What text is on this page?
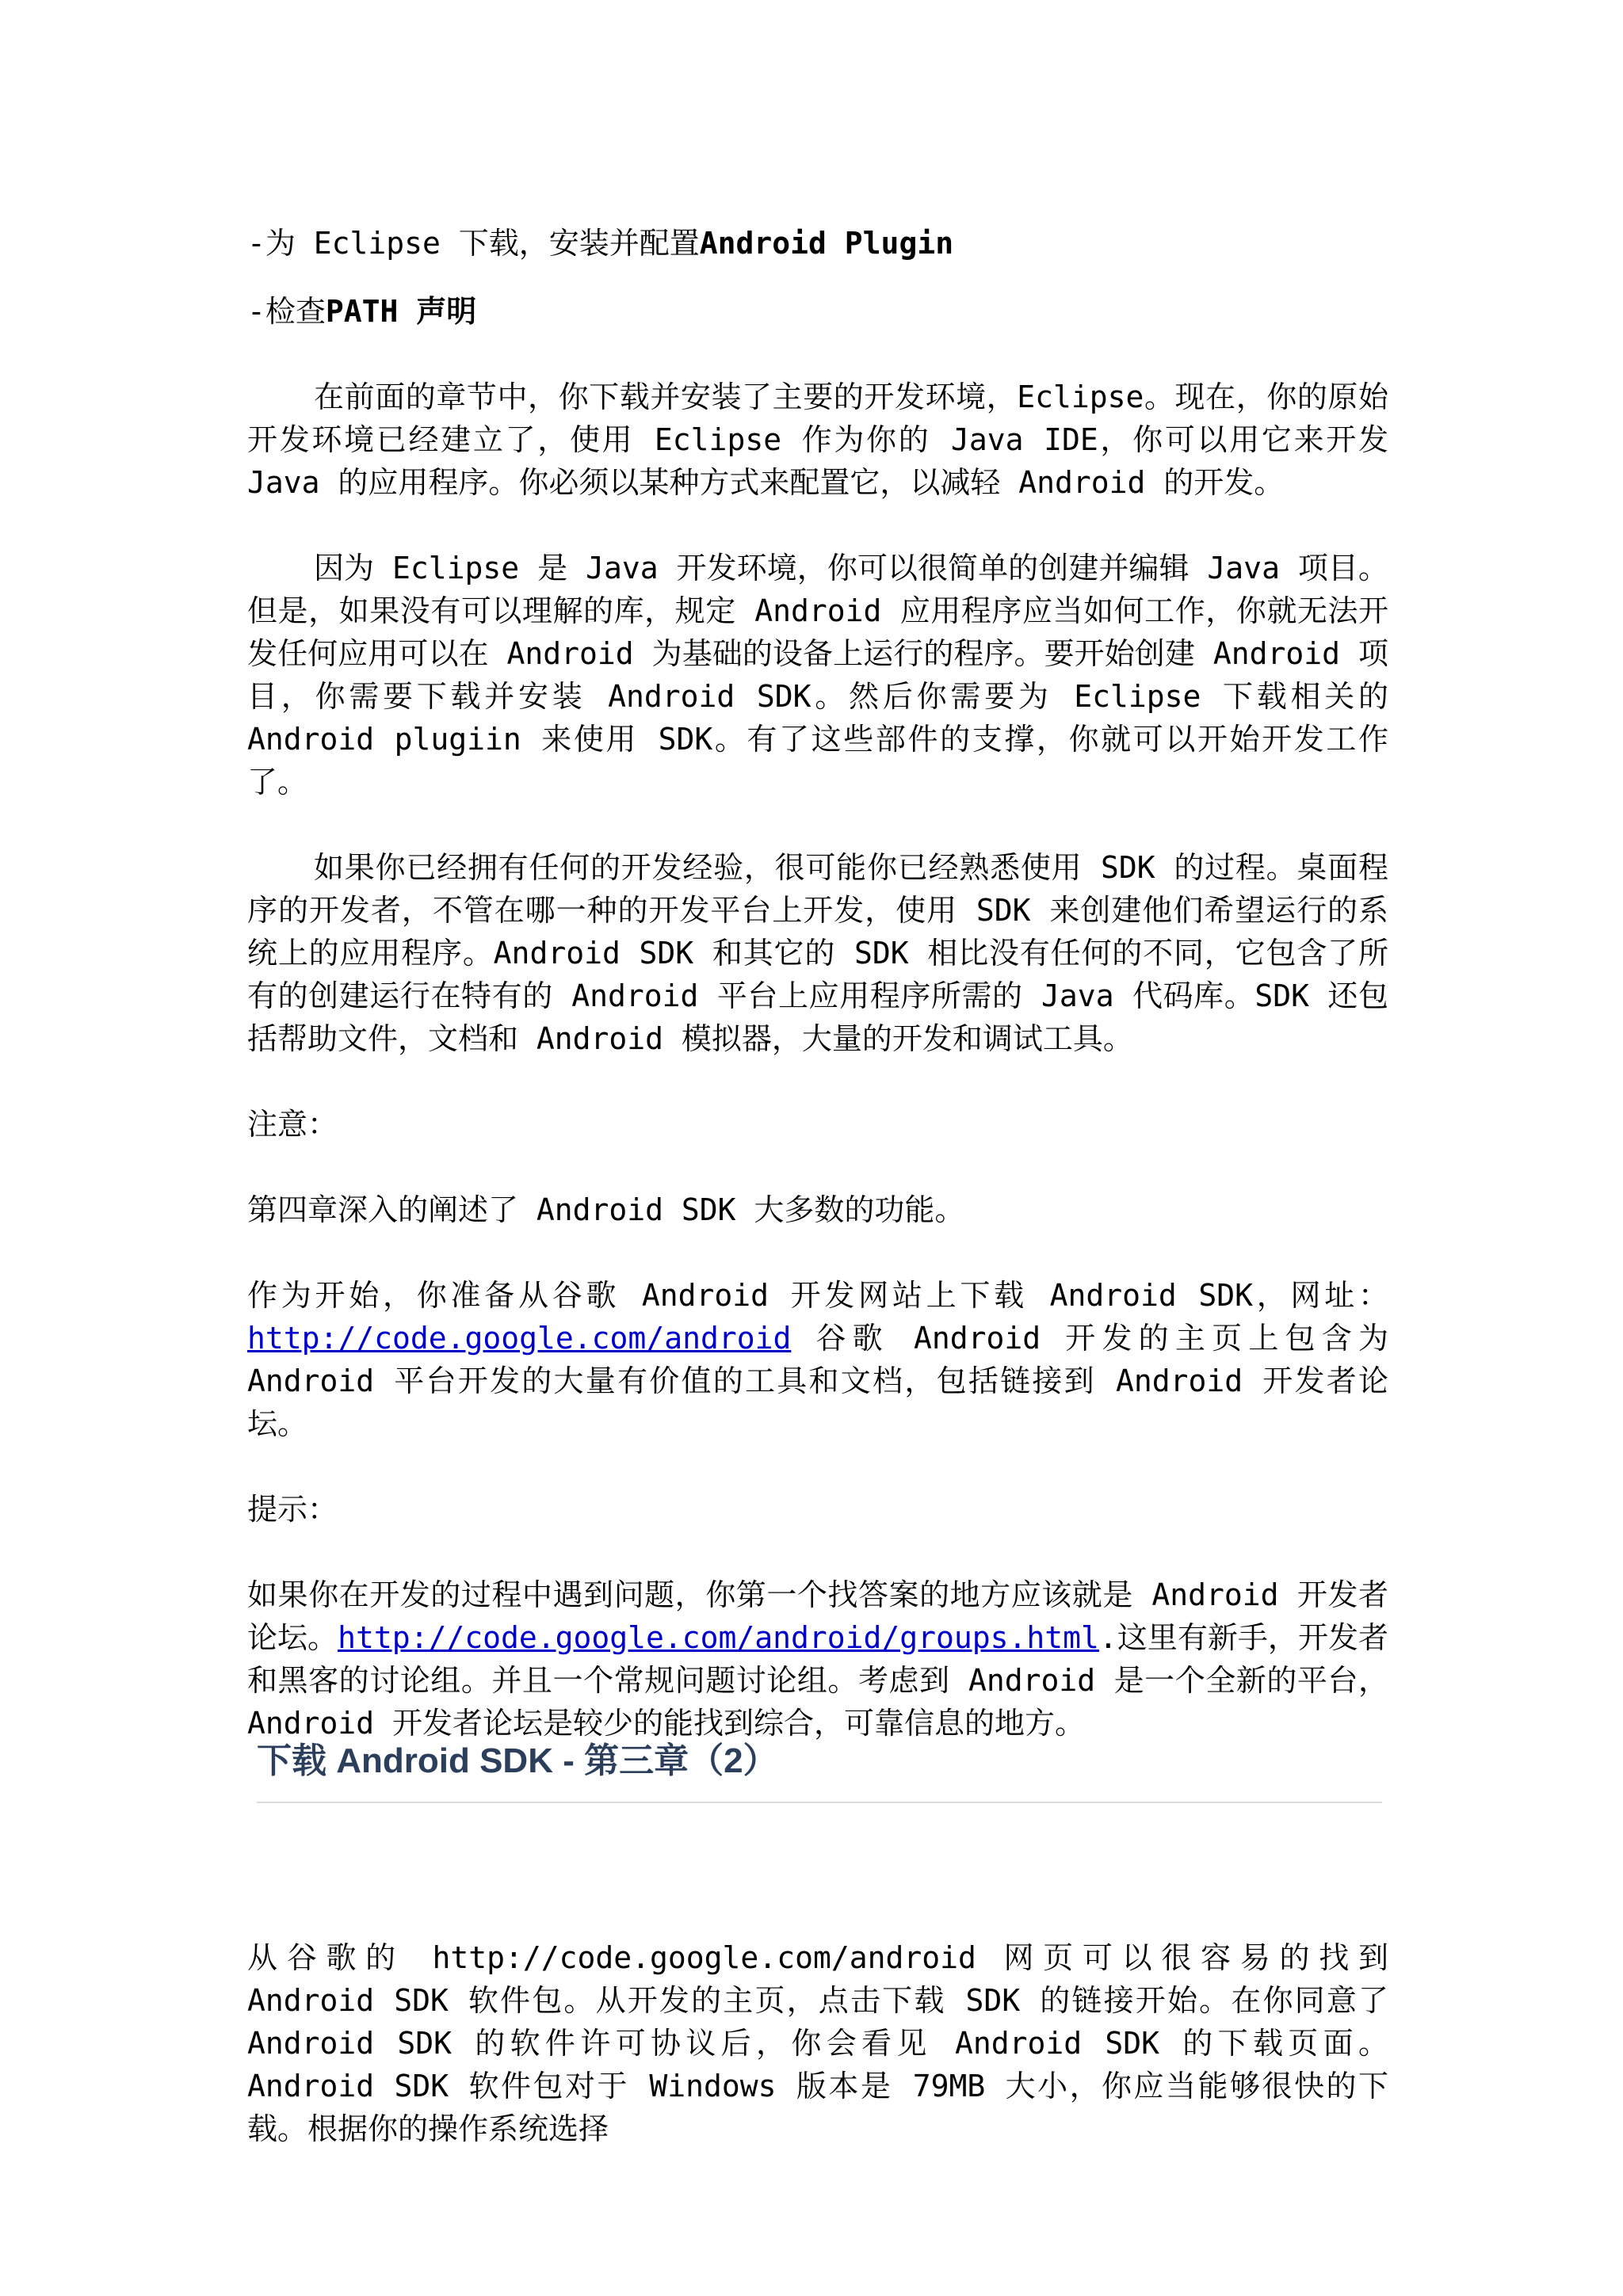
-为 Eclipse 下载，安装并配置Android Plugin
-检查PATH 声明

在前面的章节中，你下载并安装了主要的开发环境，Eclipse。现在，你的原始开发环境已经建立了，使用 Eclipse 作为你的 Java IDE，你可以用它来开发 Java 的应用程序。你必须以某种方式来配置它，以减轻 Android 的开发。

因为 Eclipse 是 Java 开发环境，你可以很简单的创建并编辑 Java 项目。但是，如果没有可以理解的库，规定 Android 应用程序应当如何工作，你就无法开发任何应用可以在 Android 为基础的设备上运行的程序。要开始创建 Android 项目，你需要下载并安装 Android SDK。然后你需要为 Eclipse 下载相关的 Android plugiin 来使用 SDK。有了这些部件的支撑，你就可以开始开发工作了。

如果你已经拥有任何的开发经验，很可能你已经熟悉使用 SDK 的过程。桌面程序的开发者，不管在哪一种的开发平台上开发，使用 SDK 来创建他们希望运行的系统上的应用程序。Android SDK 和其它的 SDK 相比没有任何的不同，它包含了所有的创建运行在特有的 Android 平台上应用程序所需的 Java 代码库。SDK 还包括帮助文件，文档和 Android 模拟器，大量的开发和调试工具。

注意：

第四章深入的阐述了 Android SDK 大多数的功能。

作为开始，你准备从谷歌 Android 开发网站上下载 Android SDK，网址：http://code.google.com/android 谷歌 Android 开发的主页上包含为 Android 平台开发的大量有价值的工具和文档，包括链接到 Android 开发者论坛。

提示：

如果你在开发的过程中遇到问题，你第一个找答案的地方应该就是 Android 开发者论坛。http://code.google.com/android/groups.html.这里有新手，开发者和黑客的讨论组。并且一个常规问题讨论组。考虑到 Android 是一个全新的平台，Android 开发者论坛是较少的能找到综合，可靠信息的地方。

下载 Android SDK - 第三章（2）
从谷歌的 http://code.google.com/android 网页可以很容易的找到 Android SDK 软件包。从开发的主页，点击下载 SDK 的链接开始。在你同意了 Android SDK 的软件许可协议后，你会看见 Android SDK 的下载页面。Android SDK 软件包对于 Windows 版本是 79MB 大小，你应当能够很快的下载。根据你的操作系统选择
